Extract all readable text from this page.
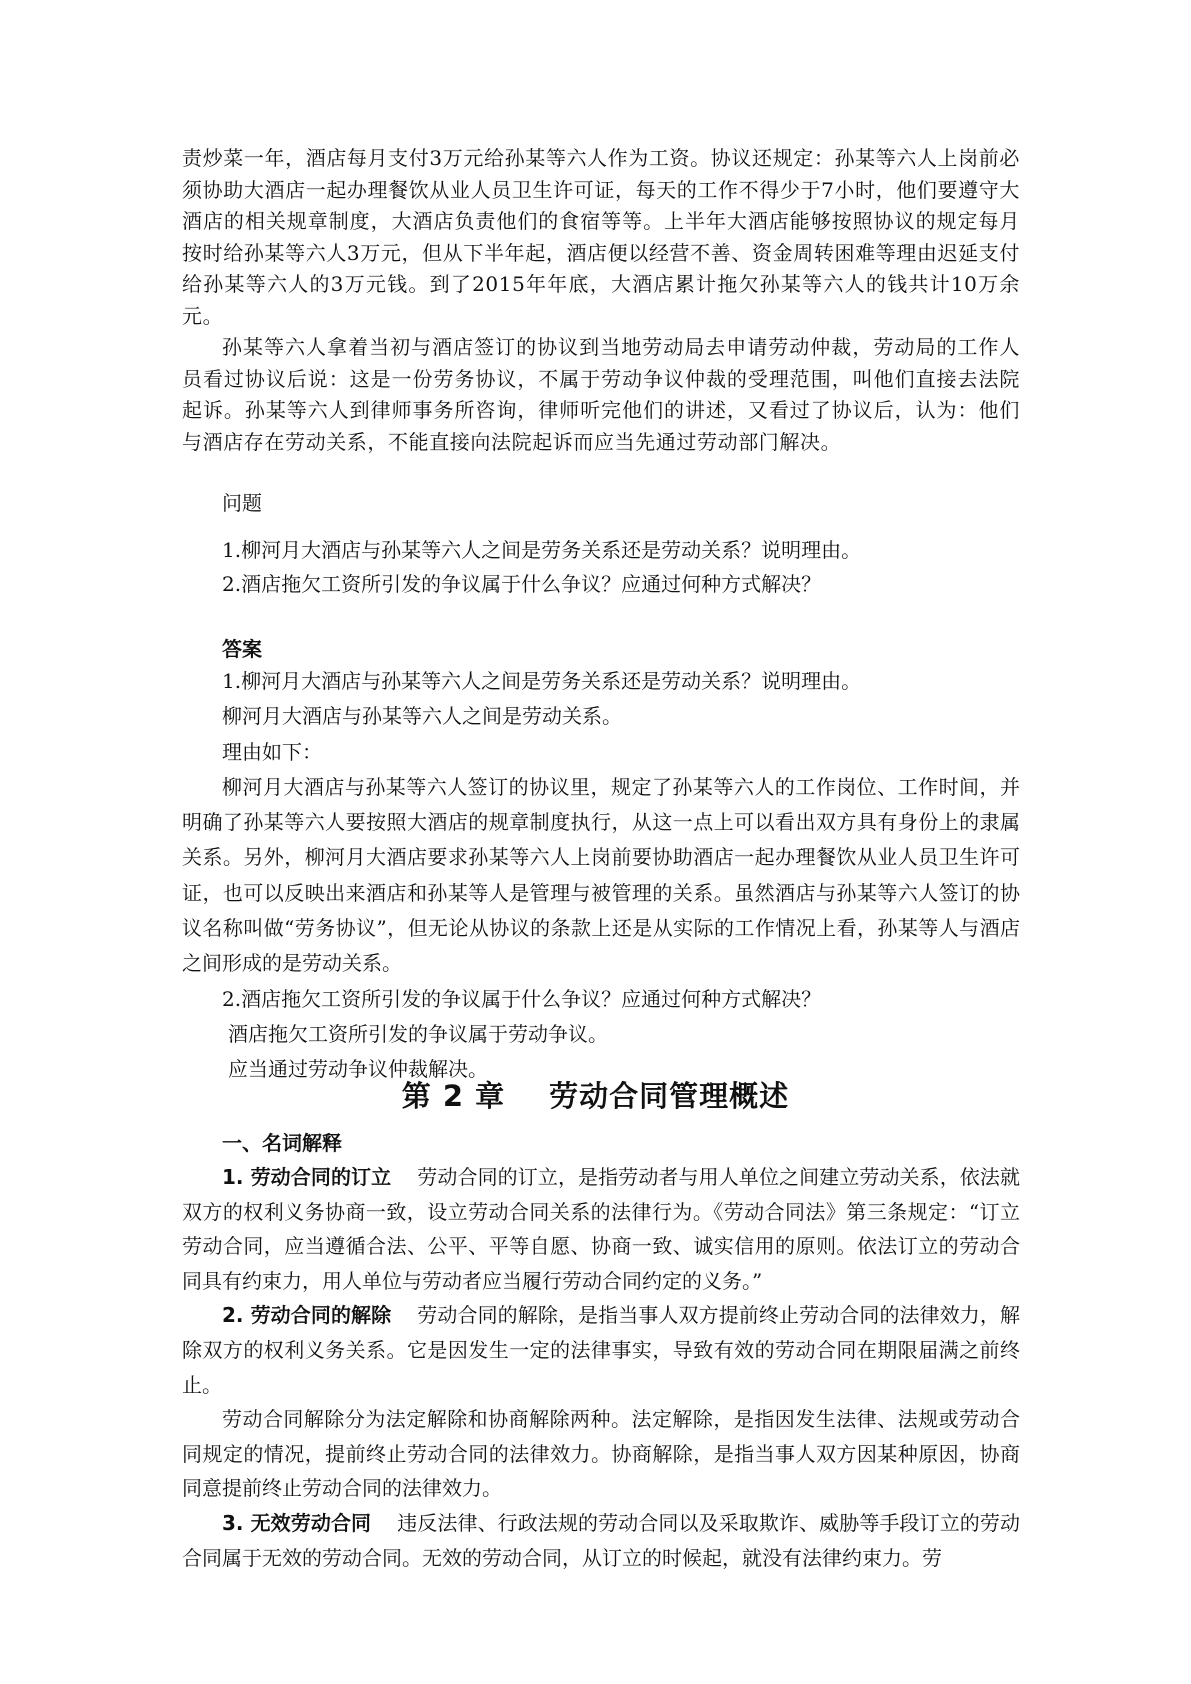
责炒菜一年，酒店每月支付3万元给孙某等六人作为工资。协议还规定：孙某等六人上岗前必须协助大酒店一起办理餐饮从业人员卫生许可证，每天的工作不得少于7小时，他们要遵守大酒店的相关规章制度，大酒店负责他们的食宿等等。上半年大酒店能够按照协议的规定每月按时给孙某等六人3万元，但从下半年起，酒店便以经营不善、资金周转困难等理由迟延支付给孙某等六人的3万元钱。到了2015年年底，大酒店累计拖欠孙某等六人的钱共计10万余元。

孙某等六人拿着当初与酒店签订的协议到当地劳动局去申请劳动仲裁，劳动局的工作人员看过协议后说：这是一份劳务协议，不属于劳动争议仲裁的受理范围，叫他们直接去法院起诉。孙某等六人到律师事务所咨询，律师听完他们的讲述，又看过了协议后，认为：他们与酒店存在劳动关系，不能直接向法院起诉而应当先通过劳动部门解决。

问题

1.柳河月大酒店与孙某等六人之间是劳务关系还是劳动关系？说明理由。

2.酒店拖欠工资所引发的争议属于什么争议？应通过何种方式解决？

答案

1.柳河月大酒店与孙某等六人之间是劳务关系还是劳动关系？说明理由。

柳河月大酒店与孙某等六人之间是劳动关系。

理由如下：

柳河月大酒店与孙某等六人签订的协议里，规定了孙某等六人的工作岗位、工作时间，并明确了孙某等六人要按照大酒店的规章制度执行，从这一点上可以看出双方具有身份上的隶属关系。另外，柳河月大酒店要求孙某等六人上岗前要协助酒店一起办理餐饮从业人员卫生许可证，也可以反映出来酒店和孙某等人是管理与被管理的关系。虽然酒店与孙某等六人签订的协议名称叫做“劳务协议”，但无论从协议的条款上还是从实际的工作情况上看，孙某等人与酒店之间形成的是劳动关系。

2.酒店拖欠工资所引发的争议属于什么争议？应通过何种方式解决？

酒店拖欠工资所引发的争议属于劳动争议。

应当通过劳动争议仲裁解决。

第 2 章 劳动合同管理概述
一、名词解释

1. 劳动合同的订立 劳动合同的订立，是指劳动者与用人单位之间建立劳动关系，依法就双方的权利义务协商一致，设立劳动合同关系的法律行为。《劳动合同法》第三条规定：“订立劳动合同，应当遵循合法、公平、平等自愿、协商一致、诚实信用的原则。依法订立的劳动合同具有约束力，用人单位与劳动者应当履行劳动合同约定的义务。”

2. 劳动合同的解除 劳动合同的解除，是指当事人双方提前终止劳动合同的法律效力，解除双方的权利义务关系。它是因发生一定的法律事实，导致有效的劳动合同在期限届满之前终止。

劳动合同解除分为法定解除和协商解除两种。法定解除，是指因发生法律、法规或劳动合同规定的情况，提前终止劳动合同的法律效力。协商解除，是指当事人双方因某种原因，协商同意提前终止劳动合同的法律效力。

3. 无效劳动合同 违反法律、行政法规的劳动合同以及采取欺诈、威胁等手段订立的劳动合同属于无效的劳动合同。无效的劳动合同，从订立的时候起，就没有法律约束力。劳
